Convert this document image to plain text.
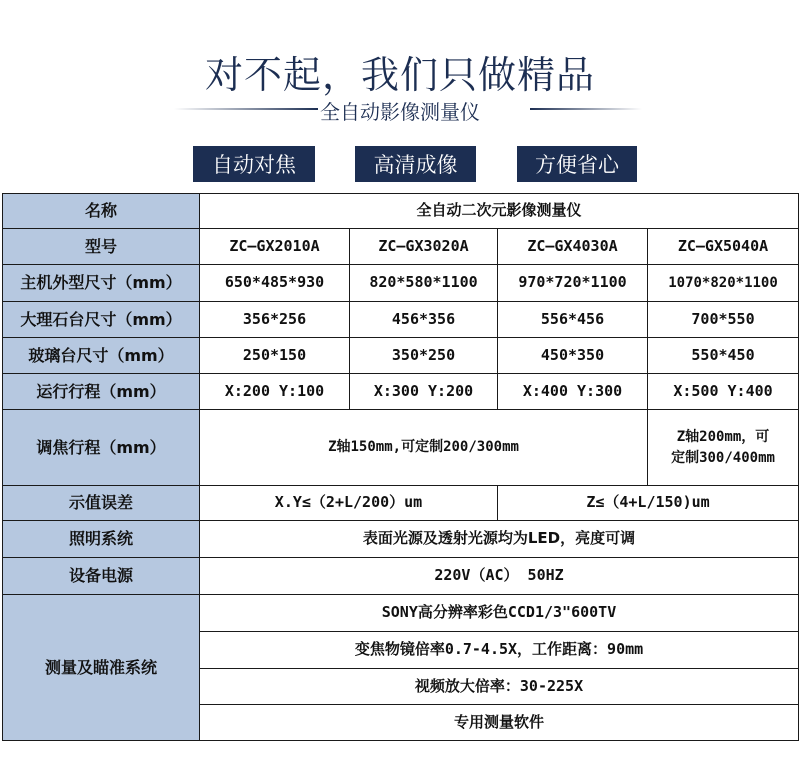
对不起，我们只做精品
全自动影像测量仪
自动对焦	高清成像	方便省心
名称	全自动二次元影像测量仪			
型号	ZC—GX2010A	ZC—GX3020A	ZC—GX4030A	ZC—GX5040A
主机外型尺寸（mm）	650*485*930	820*580*1100	970*720*1100	1070*820*1100
大理石台尺寸（mm）	356*256	456*356	556*456	700*550
玻璃台尺寸（mm）	250*150	350*250	450*350	550*450
运行行程（mm）	X:200 Y:100	X:300 Y:200	X:400 Y:300	X:500 Y:400
调焦行程（mm）	Z轴150mm,可定制200/300mm			Z轴200mm，可
定制300/400mm

示值误差	X.Y≤（2+L/200）um		Z≤（4+L/150)um	
照明系统	表面光源及透射光源均为LED，亮度可调			
设备电源	220V（AC） 50HZ			
测量及瞄准系统	SONY高分辨率彩色CCD1/3"600TV			
	变焦物镜倍率0.7-4.5X，工作距离：90mm			
	视频放大倍率：30-225X			
	专用测量软件			
